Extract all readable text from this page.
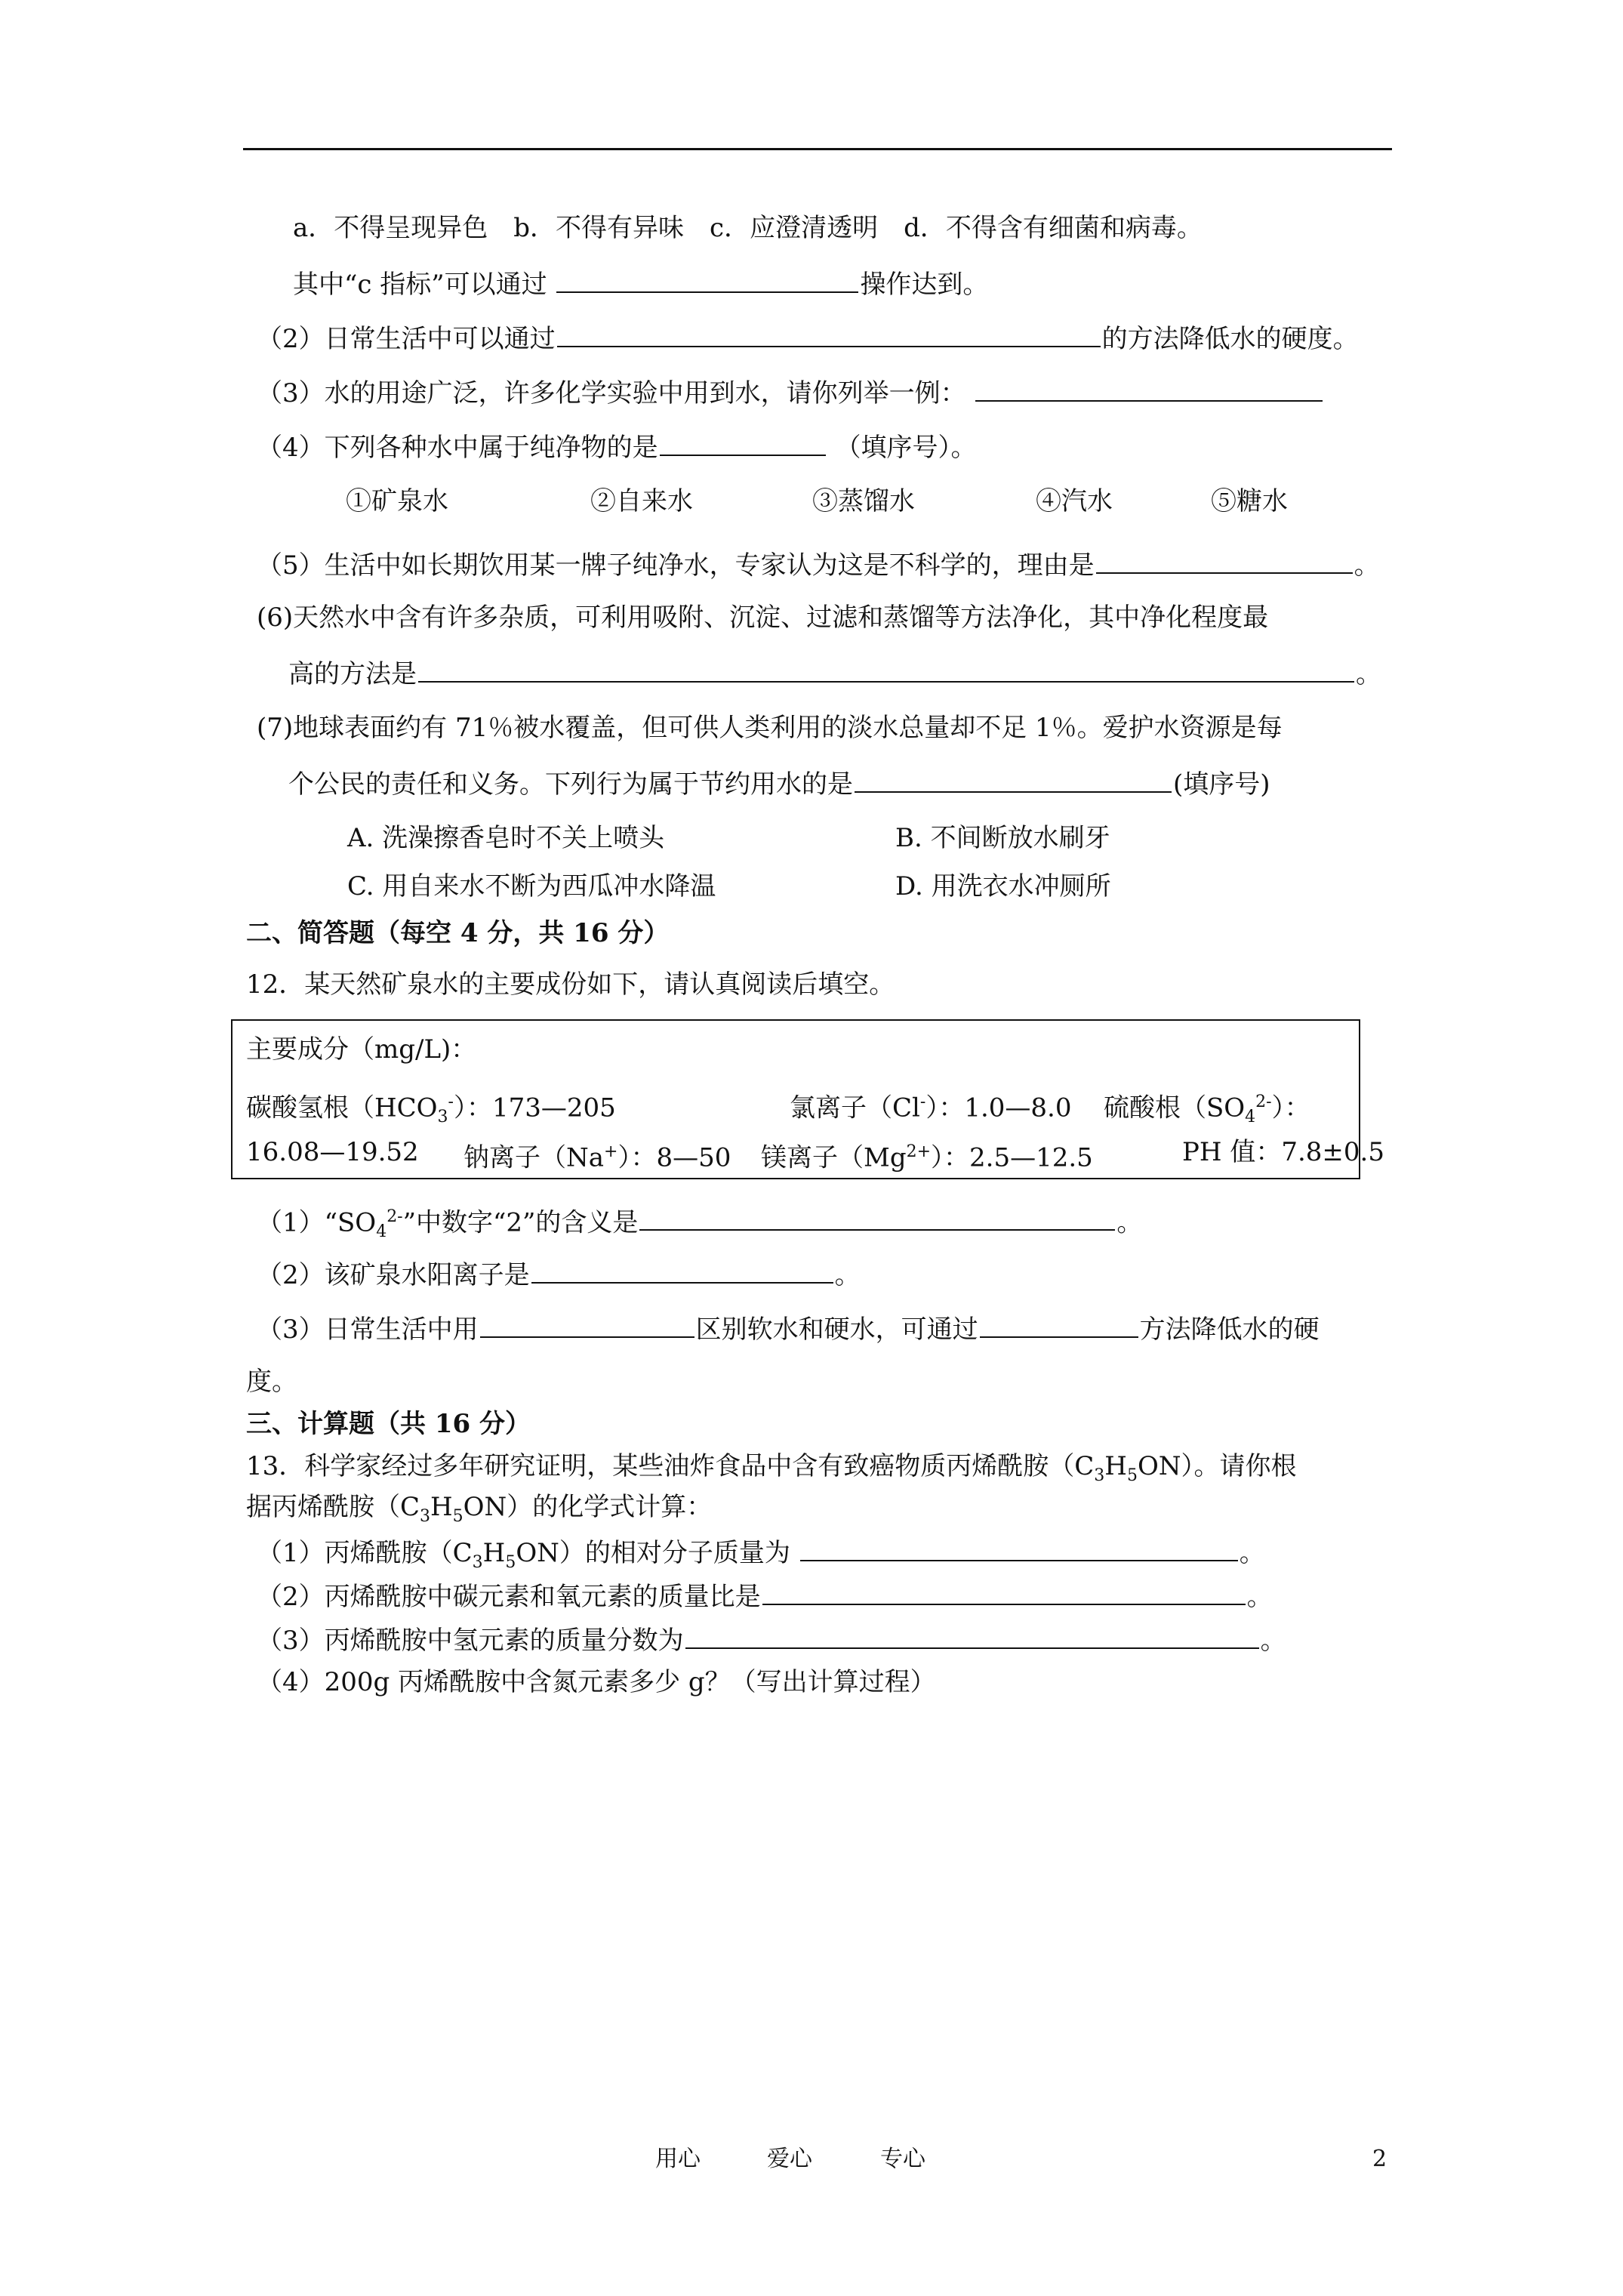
a．不得呈现异色　b．不得有异味　c．应澄清透明　d．不得含有细菌和病毒。
其中“c 指标”可以通过	操作达到。
（2）日常生活中可以通过	的方法降低水的硬度。
（3）水的用途广泛，许多化学实验中用到水，请你列举一例：
（4）下列各种水中属于纯净物的是	（填序号）。
①矿泉水	②自来水	③蒸馏水	④汽水	⑤糖水
（5）生活中如长期饮用某一牌子纯净水，专家认为这是不科学的，理由是	。
(6)天然水中含有许多杂质，可利用吸附、沉淀、过滤和蒸馏等方法净化，其中净化程度最
高的方法是	。
(7)地球表面约有 71％被水覆盖，但可供人类利用的淡水总量却不足 1％。爱护水资源是每
个公民的责任和义务。下列行为属于节约用水的是	(填序号)
A. 洗澡擦香皂时不关上喷头	B. 不间断放水刷牙
C. 用自来水不断为西瓜冲水降温	D. 用洗衣水冲厕所
二、简答题（每空 4 分，共 16 分）
12．某天然矿泉水的主要成份如下，请认真阅读后填空。
主要成分（mg/L)：
碳酸氢根$(HCO_3^-)$：173—205	氯离子（Cl-）：1.0—8.0 硫酸根$(SO_4^{2-})$：
16.08—19.52 钠离子（Na+）：8—50 镁离子$(Mg^{2+})$：2.5—12.5	PH 值：7.8±0.5
$(1)“SO_4^{2-}$”中数字“2”的含义是	。
（2）该矿泉水阳离子是	。
（3）日常生活中用	区别软水和硬水，可通过	方法降低水的硬
度。
三、计算题（共 16 分）
13．科学家经过多年研究证明，某些油炸食品中含有致癌物质丙烯酰胺$(C_3H_5ON)$。请你根
据丙烯酰胺$(C_3H_5ON)$的化学式计算：
（1）丙烯酰胺$(C_3H_5ON)$的相对分子质量为	。
（2）丙烯酰胺中碳元素和氧元素的质量比是	。
（3）丙烯酰胺中氢元素的质量分数为	。
（4）200g 丙烯酰胺中含氮元素多少 g？（写出计算过程）
用心	爱心	专心	2
